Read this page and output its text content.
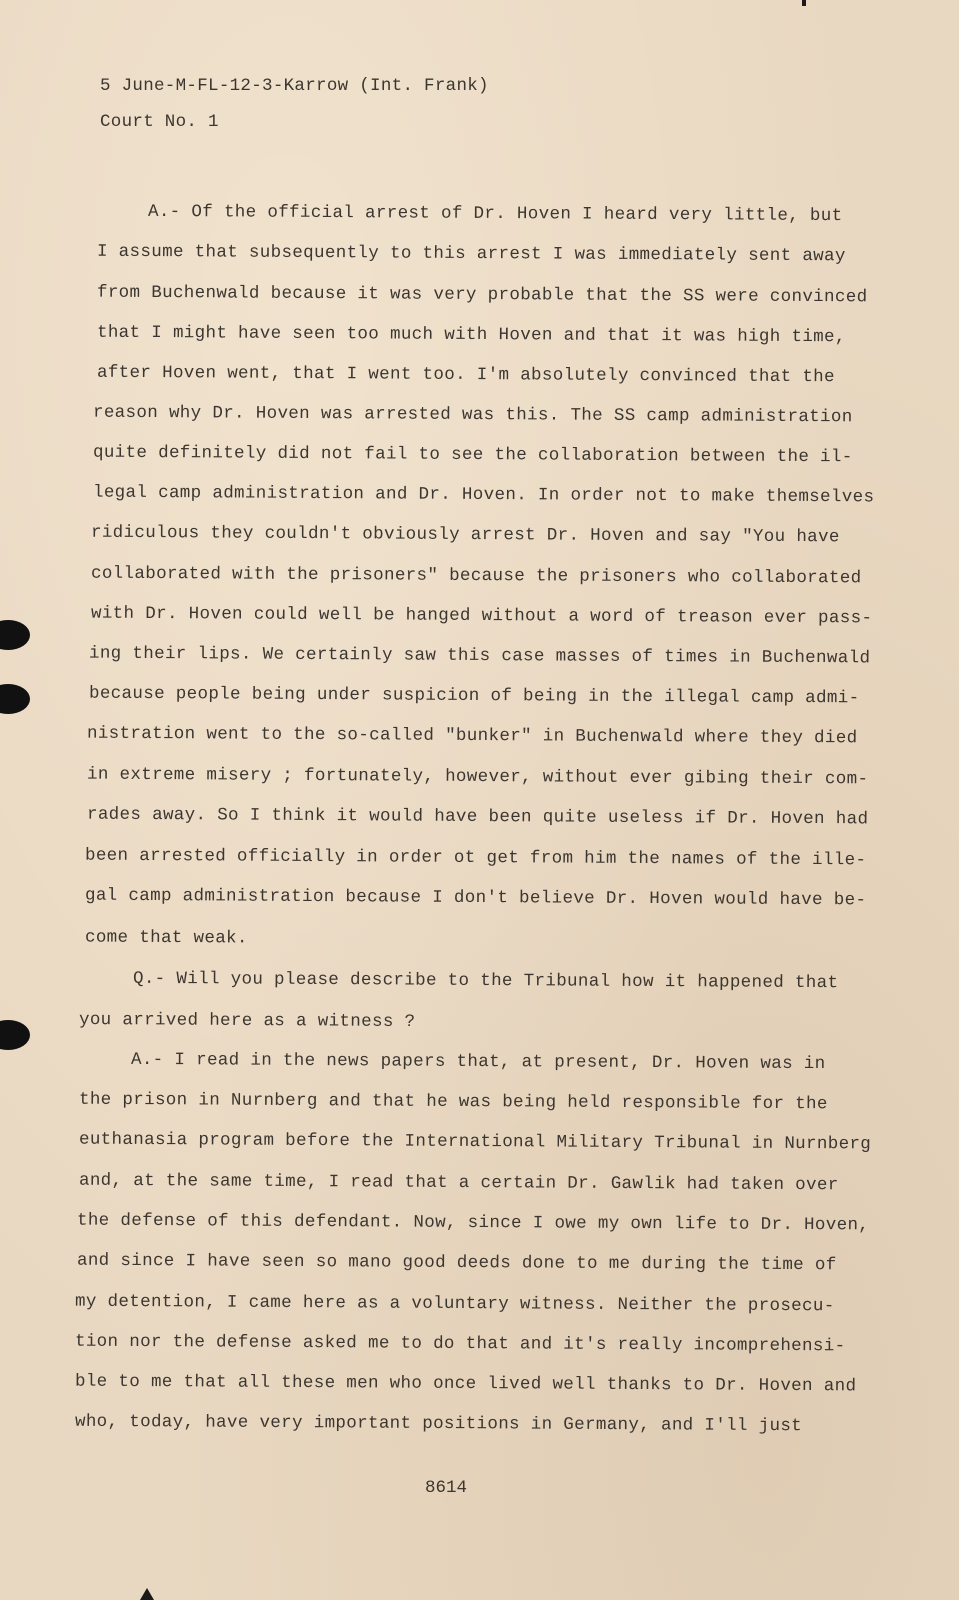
5 June-M-FL-12-3-Karrow (Int. Frank)
Court No. 1
A.- Of the official arrest of Dr. Hoven I heard very little, but
I assume that subsequently to this arrest I was immediately sent away
from Buchenwald because it was very probable that the SS were convinced
that I might have seen too much with Hoven and that it was high time,
after Hoven went, that I went too. I'm absolutely convinced that the
reason why Dr. Hoven was arrested was this. The SS camp administration
quite definitely did not fail to see the collaboration between the il-
legal camp administration and Dr. Hoven. In order not to make themselves
ridiculous they couldn't obviously arrest Dr. Hoven and say "You have
collaborated with the prisoners" because the prisoners who collaborated
with Dr. Hoven could well be hanged without a word of treason ever pass-
ing their lips. We certainly saw this case masses of times in Buchenwald
because people being under suspicion of being in the illegal camp admi-
nistration went to the so-called "bunker" in Buchenwald where they died
in extreme misery ; fortunately, however, without ever gibing their com-
rades away. So I think it would have been quite useless if Dr. Hoven had
been arrested officially in order ot get from him the names of the ille-
gal camp administration because I don't believe Dr. Hoven would have be-
come that weak.
Q.- Will you please describe to the Tribunal how it happened that
you arrived here as a witness ?
A.- I read in the news papers that, at present, Dr. Hoven was in
the prison in Nurnberg and that he was being held responsible for the
euthanasia program before the International Military Tribunal in Nurnberg
and, at the same time, I read that a certain Dr. Gawlik had taken over
the defense of this defendant. Now, since I owe my own life to Dr. Hoven,
and since I have seen so mano good deeds done to me during the time of
my detention, I came here as a voluntary witness. Neither the prosecu-
tion nor the defense asked me to do that and it's really incomprehensi-
ble to me that all these men who once lived well thanks to Dr. Hoven and
who, today, have very important positions in Germany, and I'll just
8614
